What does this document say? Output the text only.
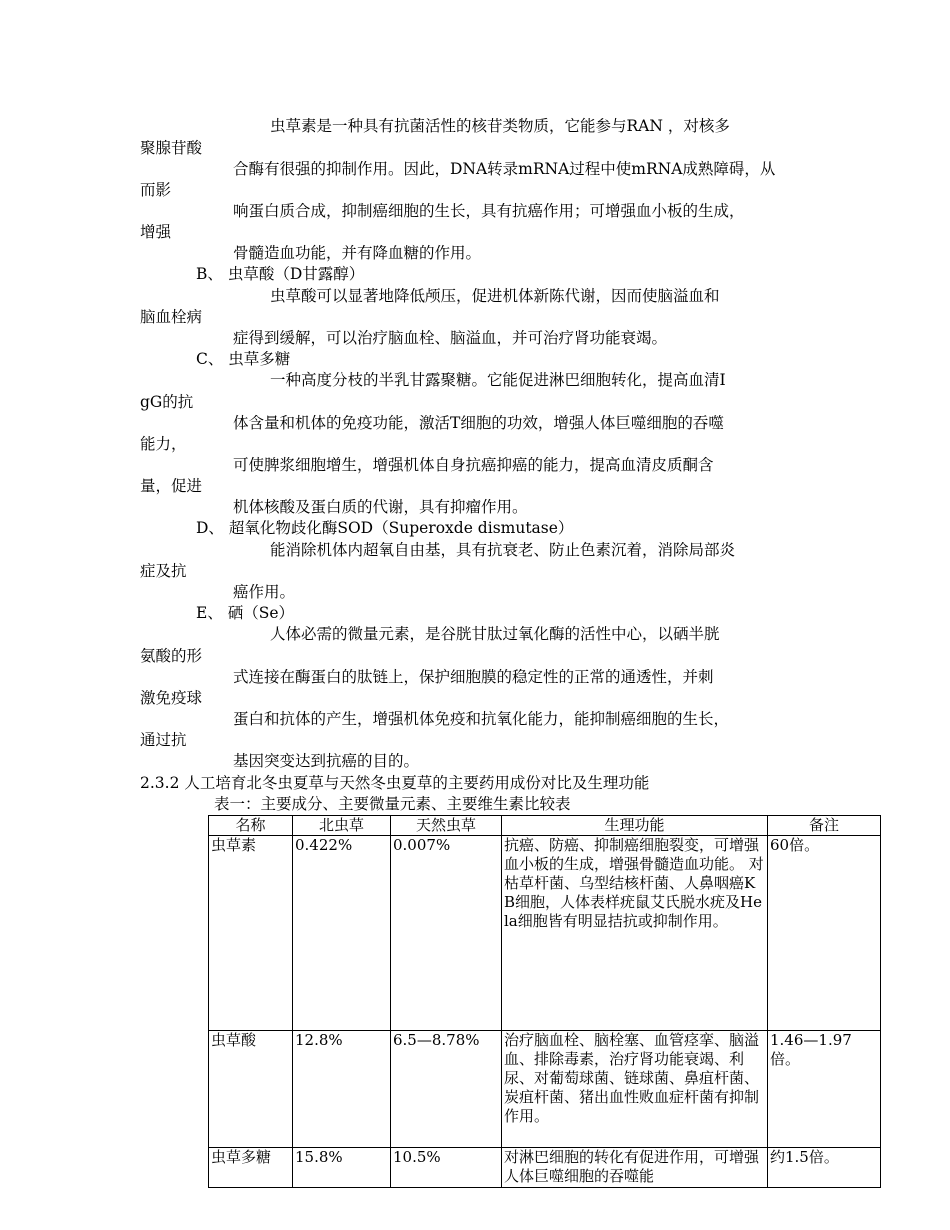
虫草素是一种具有抗菌活性的核苷类物质，它能参与RAN ，对核多
聚腺苷酸
合酶有很强的抑制作用。因此，DNA转录mRNA过程中使mRNA成熟障碍，从
而影
响蛋白质合成，抑制癌细胞的生长，具有抗癌作用；可增强血小板的生成，
增强
骨髓造血功能，并有降血糖的作用。
B、 虫草酸（D甘露醇）
虫草酸可以显著地降低颅压，促进机体新陈代谢，因而使脑溢血和
脑血栓病
症得到缓解，可以治疗脑血栓、脑溢血，并可治疗肾功能衰竭。
C、 虫草多糖
一种高度分枝的半乳甘露聚糖。它能促进淋巴细胞转化，提高血清I
gG的抗
体含量和机体的免疫功能，激活T细胞的功效，增强人体巨噬细胞的吞噬
能力，
可使脾浆细胞增生，增强机体自身抗癌抑癌的能力，提高血清皮质酮含
量，促进
机体核酸及蛋白质的代谢，具有抑瘤作用。
D、 超氧化物歧化酶SOD（Superoxde dismutase）
能消除机体内超氧自由基，具有抗衰老、防止色素沉着，消除局部炎
症及抗
癌作用。
E、 硒（Se）
人体必需的微量元素，是谷胱甘肽过氧化酶的活性中心，以硒半胱
氨酸的形
式连接在酶蛋白的肽链上，保护细胞膜的稳定性的正常的通透性，并刺
激免疫球
蛋白和抗体的产生，增强机体免疫和抗氧化能力，能抑制癌细胞的生长，
通过抗
基因突变达到抗癌的目的。
2.3.2 人工培育北冬虫夏草与天然冬虫夏草的主要药用成份对比及生理功能
表一：主要成分、主要微量元素、主要维生素比较表
名称	北虫草	天然虫草	生理功能	备注
虫草素	0.422%	0.007%	抗癌、防癌、抑制癌细胞裂变，可增强血小板的生成，增强骨髓造血功能。 对枯草杆菌、乌型结核杆菌、人鼻咽癌KB细胞，人体表样疣鼠艾氏脱水疣及Hela细胞皆有明显拮抗或抑制作用。	60倍。
虫草酸	12.8%	6.5—8.78%	治疗脑血栓、脑栓塞、血管痉挛、脑溢血、排除毒素，治疗肾功能衰竭、利尿、对葡萄球菌、链球菌、鼻疽杆菌、炭疽杆菌、猪出血性败血症杆菌有抑制作用。	1.46—1.97倍。
虫草多糖	15.8%	10.5%	对淋巴细胞的转化有促进作用，可增强人体巨噬细胞的吞噬能	约1.5倍。
